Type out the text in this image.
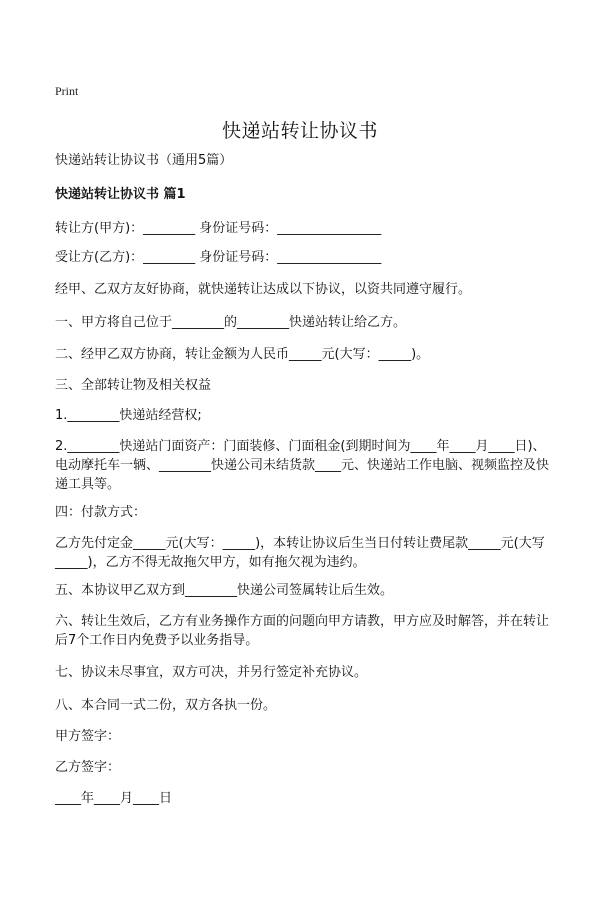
Print
快递站转让协议书
快递站转让协议书（通用5篇）
快递站转让协议书 篇1
转让方(甲方)：________ 身份证号码：________________
受让方(乙方)：________ 身份证号码：________________
经甲、乙双方友好协商，就快递转让达成以下协议，以资共同遵守履行。
一、甲方将自己位于________的________快递站转让给乙方。
二、经甲乙双方协商，转让金额为人民币_____元(大写：_____)。
三、全部转让物及相关权益
1.________快递站经营权;
2.________快递站门面资产：门面装修、门面租金(到期时间为____年____月____日)、电动摩托车一辆、________快递公司未结货款____元、快递站工作电脑、视频监控及快递工具等。
四：付款方式：
乙方先付定金_____元(大写：_____)，本转让协议后生当日付转让费尾款_____元(大写_____)，乙方不得无故拖欠甲方，如有拖欠视为违约。
五、本协议甲乙双方到________快递公司签属转让后生效。
六、转让生效后，乙方有业务操作方面的问题向甲方请教，甲方应及时解答，并在转让后7个工作日内免费予以业务指导。
七、协议未尽事宜，双方可决，并另行签定补充协议。
八、本合同一式二份，双方各执一份。
甲方签字：
乙方签字：
____年____月____日
